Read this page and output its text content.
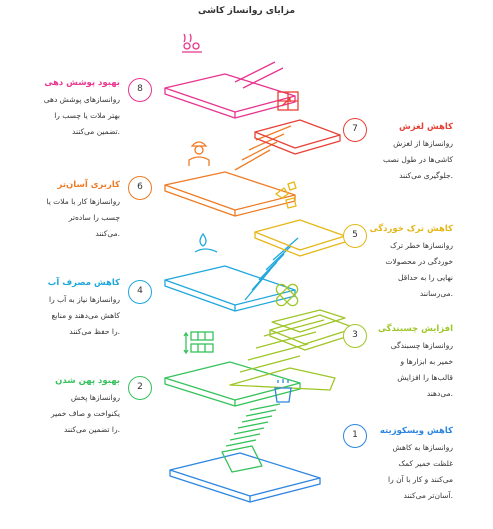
مزایای روانساز کاشی
1
2
3
4
5
6
7
8
کاهش ویسکوزیته
روانسازها به کاهش
غلظت خمیر کمک
می‌کنند و کار با آن را
.آسان‌تر می‌کنند
افزایش چسبندگی
روانسازها چسبندگی
خمیر به ابزارها و
قالب‌ها را افزایش
.می‌دهند
کاهش ترک خوردگی
روانسازها خطر ترک
خوردگی در محصولات
نهایی را به حداقل
.می‌رسانند
کاهش لغزش
روانسازها از لغزش
کاشی‌ها در طول نصب
.جلوگیری می‌کنند
بهبود پهن شدن
روانسازها پخش
یکنواخت و صاف خمیر
.را تضمین می‌کنند
کاهش مصرف آب
روانسازها نیاز به آب را
کاهش می‌دهند و منابع
.را حفظ می‌کنند
کاربری آسان‌تر
روانسازها کار با ملات یا
چسب را ساده‌تر
.می‌کنند
بهبود پوشش دهی
روانسازهای پوشش دهی
بهتر ملات یا چسب را
.تضمین می‌کنند
